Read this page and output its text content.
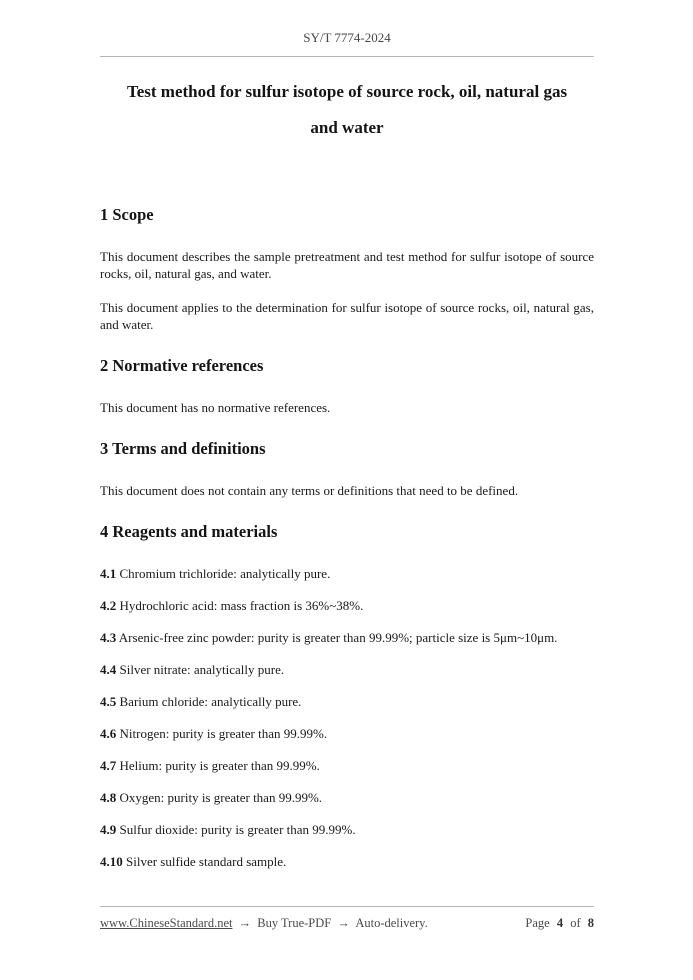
SY/T 7774-2024
Test method for sulfur isotope of source rock, oil, natural gas
and water
1 Scope

This document describes the sample pretreatment and test method for sulfur isotope of source rocks, oil, natural gas, and water.

This document applies to the determination for sulfur isotope of source rocks, oil, natural gas, and water.

2 Normative references

This document has no normative references.

3 Terms and definitions

This document does not contain any terms or definitions that need to be defined.

4 Reagents and materials

4.1 Chromium trichloride: analytically pure.

4.2 Hydrochloric acid: mass fraction is 36%~38%.

4.3 Arsenic-free zinc powder: purity is greater than 99.99%; particle size is 5μm~10μm.

4.4 Silver nitrate: analytically pure.

4.5 Barium chloride: analytically pure.

4.6 Nitrogen: purity is greater than 99.99%.

4.7 Helium: purity is greater than 99.99%.

4.8 Oxygen: purity is greater than 99.99%.

4.9 Sulfur dioxide: purity is greater than 99.99%.

4.10 Silver sulfide standard sample.

www.ChineseStandard.net → Buy True-PDF → Auto-delivery.	Page 4 of 8
